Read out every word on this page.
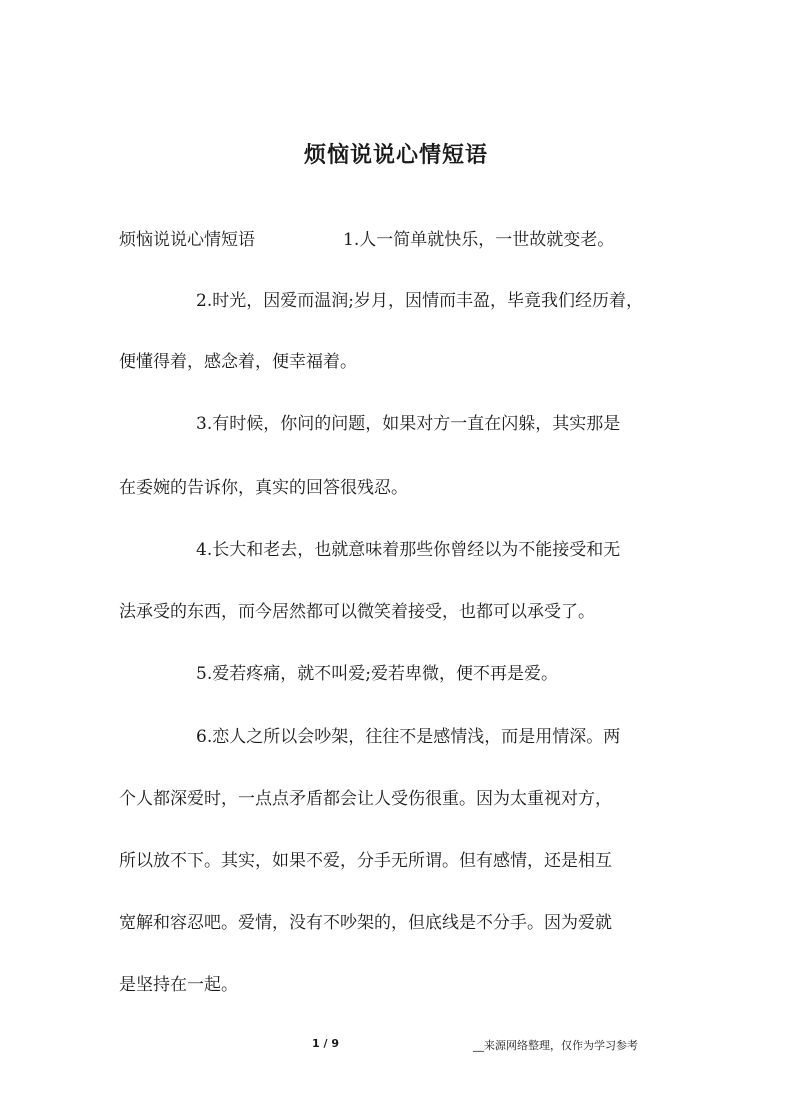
烦恼说说心情短语
烦恼说说心情短语	1.人一简单就快乐，一世故就变老。
2.时光，因爱而温润;岁月，因情而丰盈，毕竟我们经历着，
便懂得着，感念着，便幸福着。
3.有时候，你问的问题，如果对方一直在闪躲，其实那是
在委婉的告诉你，真实的回答很残忍。
4.长大和老去，也就意味着那些你曾经以为不能接受和无
法承受的东西，而今居然都可以微笑着接受，也都可以承受了。
5.爱若疼痛，就不叫爱;爱若卑微，便不再是爱。
6.恋人之所以会吵架，往往不是感情浅，而是用情深。两
个人都深爱时，一点点矛盾都会让人受伤很重。因为太重视对方，
所以放不下。其实，如果不爱，分手无所谓。但有感情，还是相互
宽解和容忍吧。爱情，没有不吵架的，但底线是不分手。因为爱就
是坚持在一起。
1 / 9	__来源网络整理，仅作为学习参考
